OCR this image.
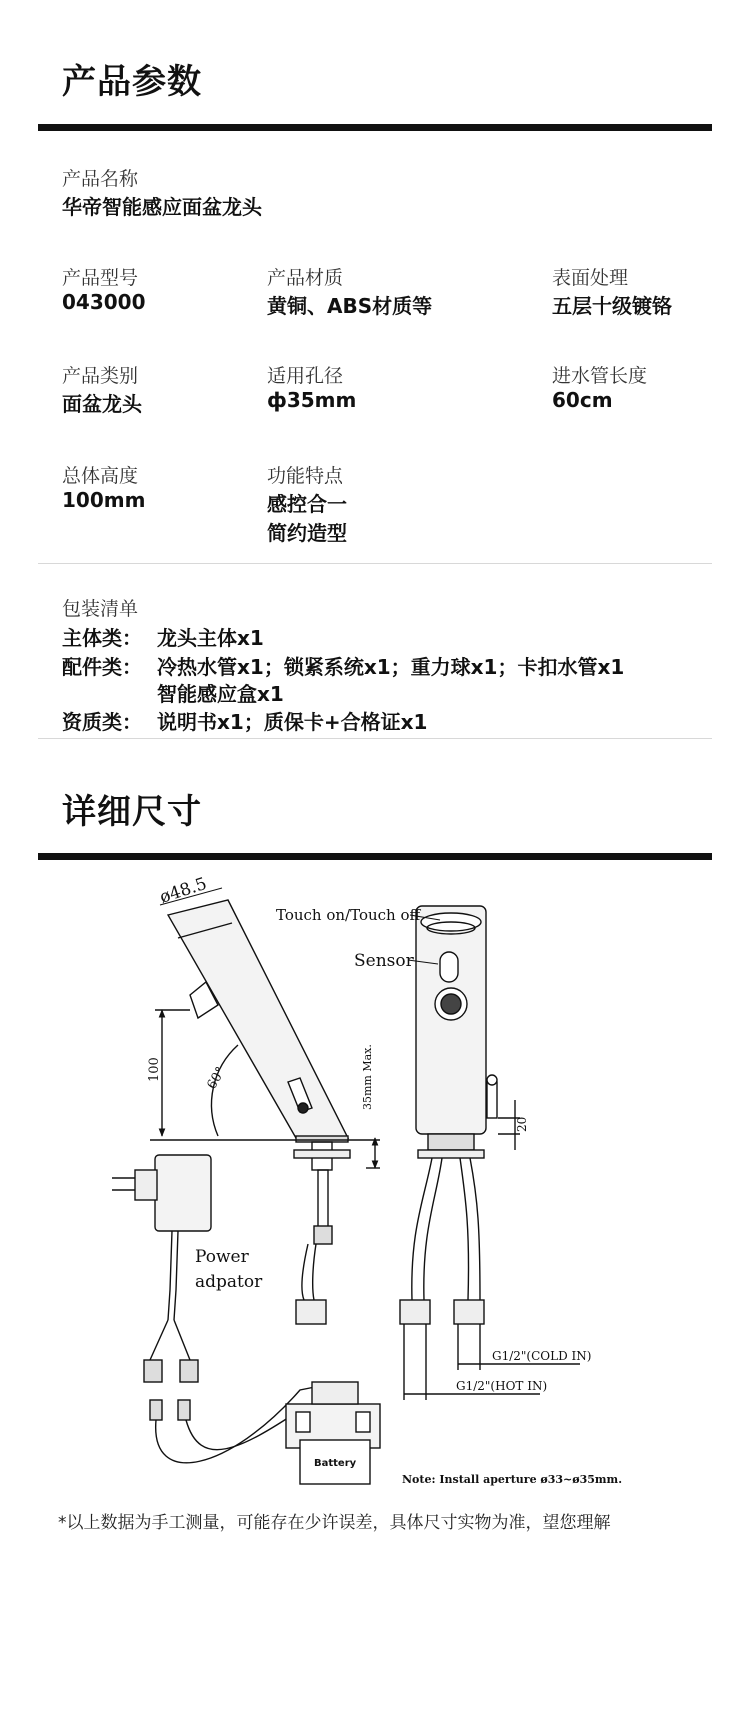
产品参数
产品名称
华帝智能感应面盆龙头
产品型号
043000
产品材质
黄铜、ABS材质等
表面处理
五层十级镀铬
产品类别
面盆龙头
适用孔径
ф35mm
进水管长度
60cm
总体高度
100mm
功能特点
感控合一
简约造型
包装清单
主体类： 龙头主体x1
配件类： 冷热水管x1；锁紧系统x1；重力球x1；卡扣水管x1
智能感应盒x1
资质类： 说明书x1；质保卡+合格证x1
详细尺寸
ø48.5
Touch on/Touch off
Sensor
100	60°	35mm Max.
20
Power
adpator
Battery
G1/2"(COLD IN)
G1/2"(HOT IN)
Note: Install aperture ø33~ø35mm.
*以上数据为手工测量，可能存在少许误差，具体尺寸实物为准，望您理解
